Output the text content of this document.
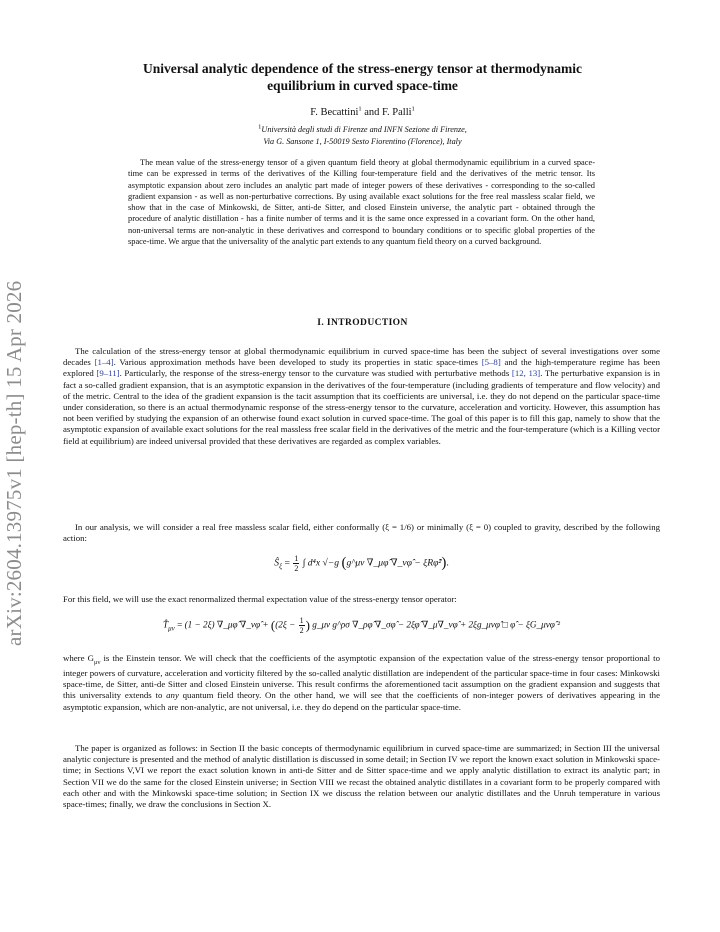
arXiv:2604.13975v1 [hep-th] 15 Apr 2026
Universal analytic dependence of the stress-energy tensor at thermodynamic
equilibrium in curved space-time
F. Becattini$^1$ and F. Palli$^1$
$^1$Università degli studi di Firenze and INFN Sezione di Firenze,
Via G. Sansone 1, I-50019 Sesto Fiorentino (Florence), Italy
The mean value of the stress-energy tensor of a given quantum field theory at global thermodynamic equilibrium in a curved space-time can be expressed in terms of the derivatives of the Killing four-temperature field and the derivatives of the metric tensor. Its asymptotic expansion about zero includes an analytic part made of integer powers of these derivatives - corresponding to the so-called gradient expansion - as well as non-perturbative corrections. By using available exact solutions for the free real massless scalar field, we show that in the case of Minkowski, de Sitter, anti-de Sitter, and closed Einstein universe, the analytic part - obtained through the procedure of analytic distillation - has a finite number of terms and it is the same once expressed in a covariant form. On the other hand, non-universal terms are non-analytic in these derivatives and correspond to boundary conditions or to specific global properties of the space-time. We argue that the universality of the analytic part extends to any quantum field theory on a curved background.
I. INTRODUCTION

The calculation of the stress-energy tensor at global thermodynamic equilibrium in curved space-time has been the subject of several investigations over some decades [1–4]. Various approximation methods have been developed to study its properties in static space-times [5–8] and the high-temperature regime has been explored [9–11]. Particularly, the response of the stress-energy tensor to the curvature was studied with perturbative methods [12, 13]. The perturbative expansion is in fact a so-called gradient expansion, that is an asymptotic expansion in the derivatives of the four-temperature (including gradients of temperature and flow velocity) and of the metric. Central to the idea of the gradient expansion is the tacit assumption that its coefficients are universal, i.e. they do not depend on the particular space-time under consideration, so there is an actual thermodynamic response of the stress-energy tensor to the curvature, acceleration and vorticity. However, this assumption has not been verified by studying the expansion of an otherwise found exact solution in curved space-time. The goal of this paper is to fill this gap, namely to show that the asymptotic expansion of available exact solutions for the real massless free scalar field in the derivatives of the metric and the four-temperature (which is a Killing vector field at equilibrium) are indeed universal provided that these derivatives are regarded as complex variables.

In our analysis, we will consider a real free massless scalar field, either conformally (ξ = 1/6) or minimally (ξ = 0) coupled to gravity, described by the following action:

$Ŝ_\xi = \frac{1}{2}$ ∫ d⁴x √−g (g^μν ∇_μφ̂ ∇_νφ̂ − ξRφ̂²).

For this field, we will use the exact renormalized thermal expectation value of the stress-energy tensor operator:

$T̂_{\mu\nu} = (1 - 2\xi)$ ∇_μφ̂ ∇_νφ̂ + (($2\xi - \frac{1}{2}$ ) g_μν g^ρσ ∇_ρφ̂ ∇_σφ̂ − 2ξφ̂ ∇_μ∇_νφ̂ + 2ξg_μνφ̂ □ φ̂ − ξG_μνφ̂ ²

where $G_{\mu\nu}$ is the Einstein tensor. We will check that the coefficients of the asymptotic expansion of the expectation value of the stress-energy tensor proportional to integer powers of curvature, acceleration and vorticity filtered by the so-called analytic distillation are independent of the particular space-time in four cases: Minkowski space-time, de Sitter, anti-de Sitter and closed Einstein universe. This result confirms the aforementioned tacit assumption on the gradient expansion and suggests that this universality extends to any quantum field theory. On the other hand, we will see that the coefficients of non-integer powers of derivatives appearing in the asymptotic expansion, which are non-analytic, are not universal, i.e. they do depend on the particular space-time.

The paper is organized as follows: in Section II the basic concepts of thermodynamic equilibrium in curved space-time are summarized; in Section III the universal analytic conjecture is presented and the method of analytic distillation is discussed in some detail; in Section IV we report the known exact solution in Minkowski space-time; in Sections V,VI we report the exact solution known in anti-de Sitter and de Sitter space-time and we apply analytic distillation to extract its analytic part; in Section VII we do the same for the closed Einstein universe; in Section VIII we recast the obtained analytic distillates in a covariant form to be properly compared with each other and with the Minkowski space-time solution; in Section IX we discuss the relation between our analytic distillates and the Unruh temperature in various space-times; finally, we draw the conclusions in Section X.
